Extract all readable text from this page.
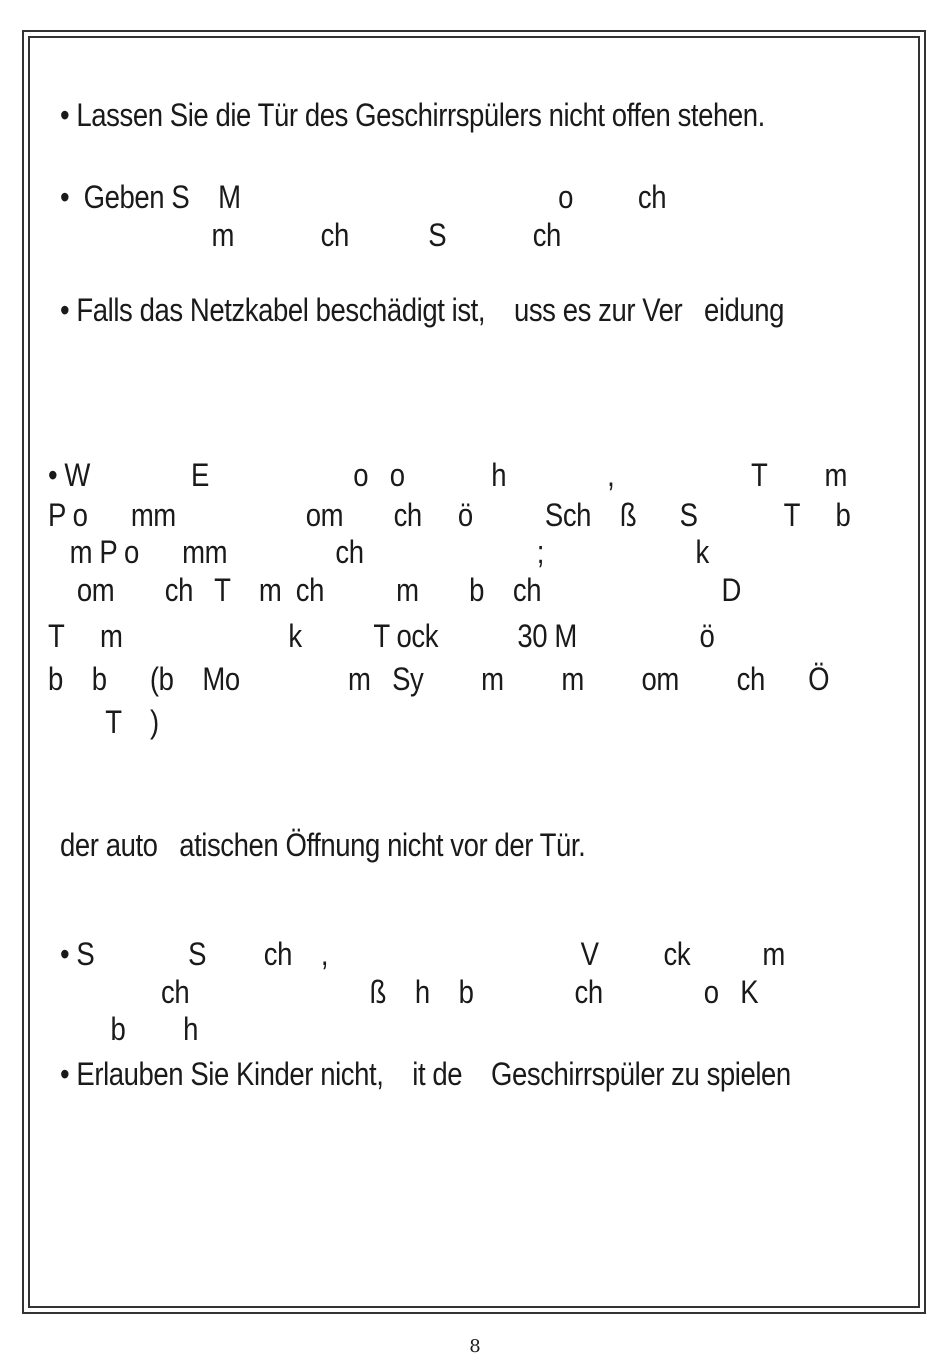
• Lassen Sie die Tür des Geschirrspülers nicht offen stehen.
•  Geben S    M                                            o         ch
m            ch           S            ch
• Falls das Netzkabel beschädigt ist,    uss es zur Ver   eidung
• W              E                    o   o            h              ,                   T        m
P o      mm                  om       ch     ö          Sch    ß      S            T     b
m P o      mm               ch                        ;                     k
om       ch   T    m  ch          m       b    ch                         D
T     m                       k          T ock           30 M                 ö
b    b      (b    Mo               m   Sy        m        m        om        ch      Ö
T    )
der auto   atischen Öffnung nicht vor der Tür.
• S             S        ch    ,                                   V         ck          m
ch                         ß    h    b              ch              o   K
b        h
• Erlauben Sie Kinder nicht,    it de    Geschirrspüler zu spielen
8
